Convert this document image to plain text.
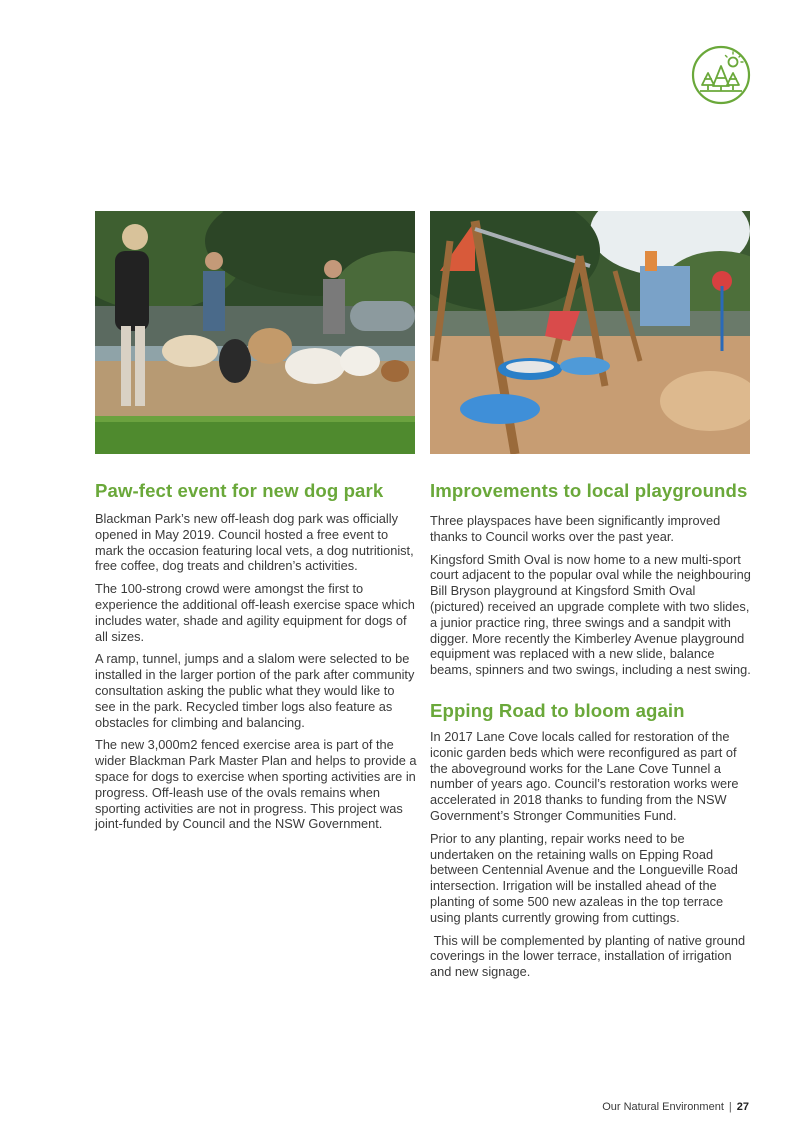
Paw-fect event for new dog park

Blackman Park’s new off-leash dog park was officially opened in May 2019. Council hosted a free event to mark the occasion featuring local vets, a dog nutritionist, free coffee, dog treats and children’s activities.

The 100-strong crowd were amongst the first to experience the additional off-leash exercise space which includes water, shade and agility equipment for dogs of all sizes.

A ramp, tunnel, jumps and a slalom were selected to be installed in the larger portion of the park after community consultation asking the public what they would like to see in the park. Recycled timber logs also feature as obstacles for climbing and balancing.

The new 3,000m2 fenced exercise area is part of the wider Blackman Park Master Plan and helps to provide a space for dogs to exercise when sporting activities are in progress. Off-leash use of the ovals remains when sporting activities are not in progress. This project was joint-funded by Council and the NSW Government.

Improvements to local playgrounds

Three playspaces have been significantly improved thanks to Council works over the past year.

Kingsford Smith Oval is now home to a new multi-sport court adjacent to the popular oval while the neighbouring Bill Bryson playground at Kingsford Smith Oval (pictured) received an upgrade complete with two slides, a junior practice ring, three swings and a sandpit with digger. More recently the Kimberley Avenue playground equipment was replaced with a new slide, balance beams, spinners and two swings, including a nest swing.

Epping Road to bloom again

In 2017 Lane Cove locals called for restoration of the iconic garden beds which were reconfigured as part of the aboveground works for the Lane Cove Tunnel a number of years ago. Council’s restoration works were accelerated in 2018 thanks to funding from the NSW Government’s Stronger Communities Fund.

Prior to any planting, repair works need to be undertaken on the retaining walls on Epping Road between Centennial Avenue and the Longueville Road intersection. Irrigation will be installed ahead of the planting of some 500 new azaleas in the top terrace using plants currently growing from cuttings.

This will be complemented by planting of native ground coverings in the lower terrace, installation of irrigation and new signage.

Our Natural Environment | 27
